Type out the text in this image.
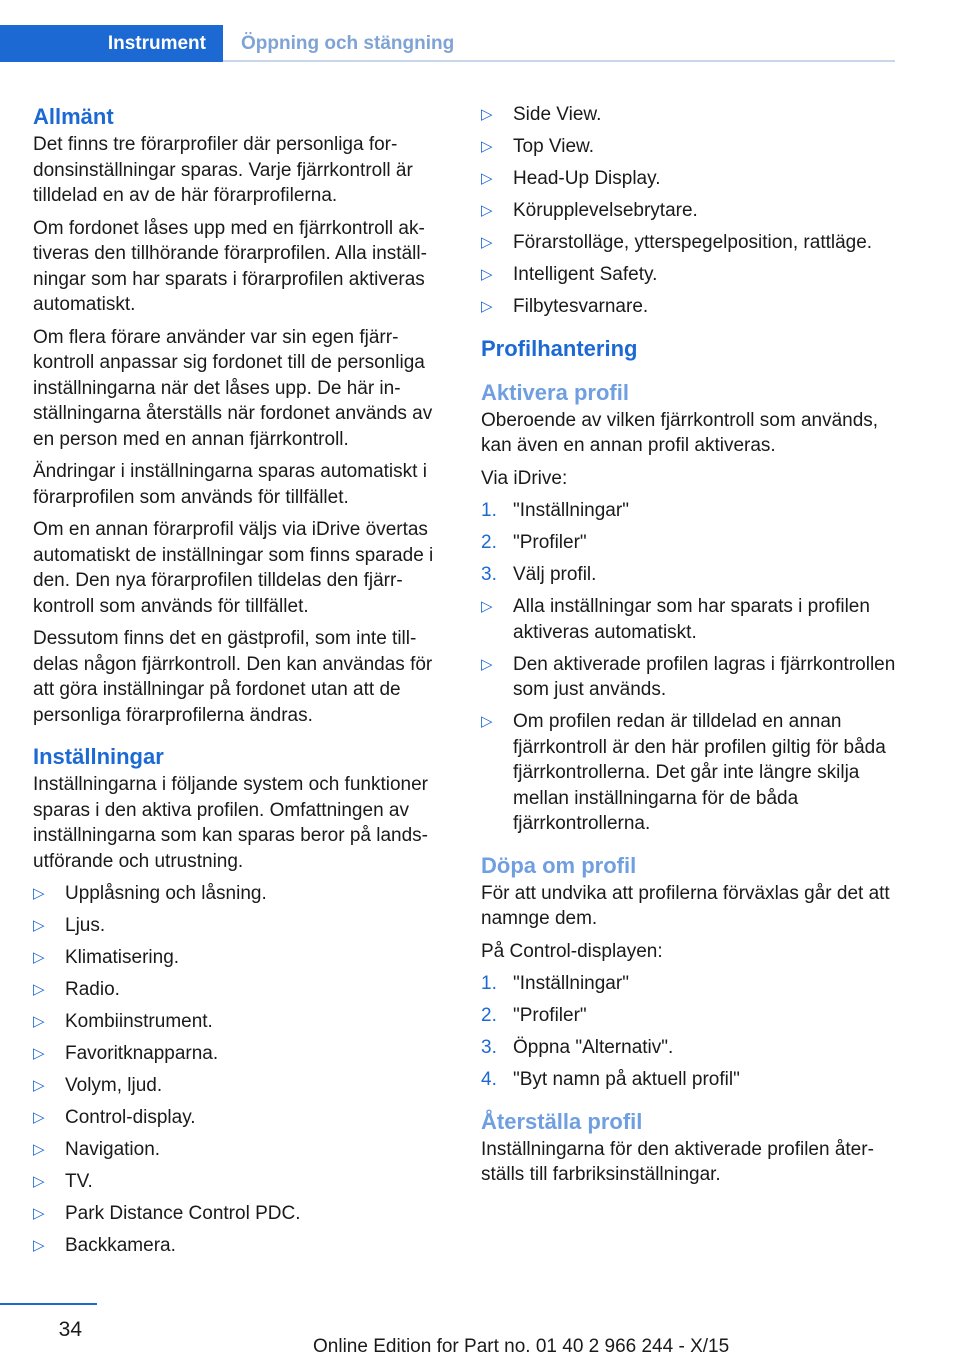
Instrument	Öppning och stängning
Allmänt

Det finns tre förarprofiler där personliga fordonsinställningar sparas. Varje fjärrkontroll är tilldelad en av de här förarprofilerna.

Om fordonet låses upp med en fjärrkontroll aktiveras den tillhörande förarprofilen. Alla inställningar som har sparats i förarprofilen aktiveras automatiskt.

Om flera förare använder var sin egen fjärrkontroll anpassar sig fordonet till de personliga inställningarna när det låses upp. De här inställningarna återställs när fordonet används av en person med en annan fjärrkontroll.

Ändringar i inställningarna sparas automatiskt i förarprofilen som används för tillfället.

Om en annan förarprofil väljs via iDrive övertas automatiskt de inställningar som finns sparade i den. Den nya förarprofilen tilldelas den fjärrkontroll som används för tillfället.

Dessutom finns det en gästprofil, som inte tilldelas någon fjärrkontroll. Den kan användas för att göra inställningar på fordonet utan att de personliga förarprofilerna ändras.

Inställningar

Inställningarna i följande system och funktioner sparas i den aktiva profilen. Omfattningen av inställningarna som kan sparas beror på landsutförande och utrustning.

▷ Upplåsning och låsning.
▷ Ljus.
▷ Klimatisering.
▷ Radio.
▷ Kombiinstrument.
▷ Favoritknapparna.
▷ Volym, ljud.
▷ Control-display.
▷ Navigation.
▷ TV.
▷ Park Distance Control PDC.
▷ Backkamera.
▷ Side View.
▷ Top View.
▷ Head-Up Display.
▷ Körupplevelsebrytare.
▷ Förarstolläge, ytterspegelposition, rattläge.
▷ Intelligent Safety.
▷ Filbytesvarnare.
Profilhantering
Aktivera profil

Oberoende av vilken fjärrkontroll som används, kan även en annan profil aktiveras.

Via iDrive:

1. "Inställningar"
2. "Profiler"
3. Välj profil.
▷ Alla inställningar som har sparats i profilen aktiveras automatiskt.
▷ Den aktiverade profilen lagras i fjärrkontrollen som just används.
▷ Om profilen redan är tilldelad en annan fjärrkontroll är den här profilen giltig för båda fjärrkontrollerna. Det går inte längre skilja mellan inställningarna för de båda fjärrkontrollerna.
Döpa om profil

För att undvika att profilerna förväxlas går det att namnge dem.

På Control-displayen:

1. "Inställningar"
2. "Profiler"
3. Öppna "Alternativ".
4. "Byt namn på aktuell profil"
Återställa profil

Inställningarna för den aktiverade profilen återställs till farbriksinställningar.

34
Online Edition for Part no. 01 40 2 966 244 - X/15
